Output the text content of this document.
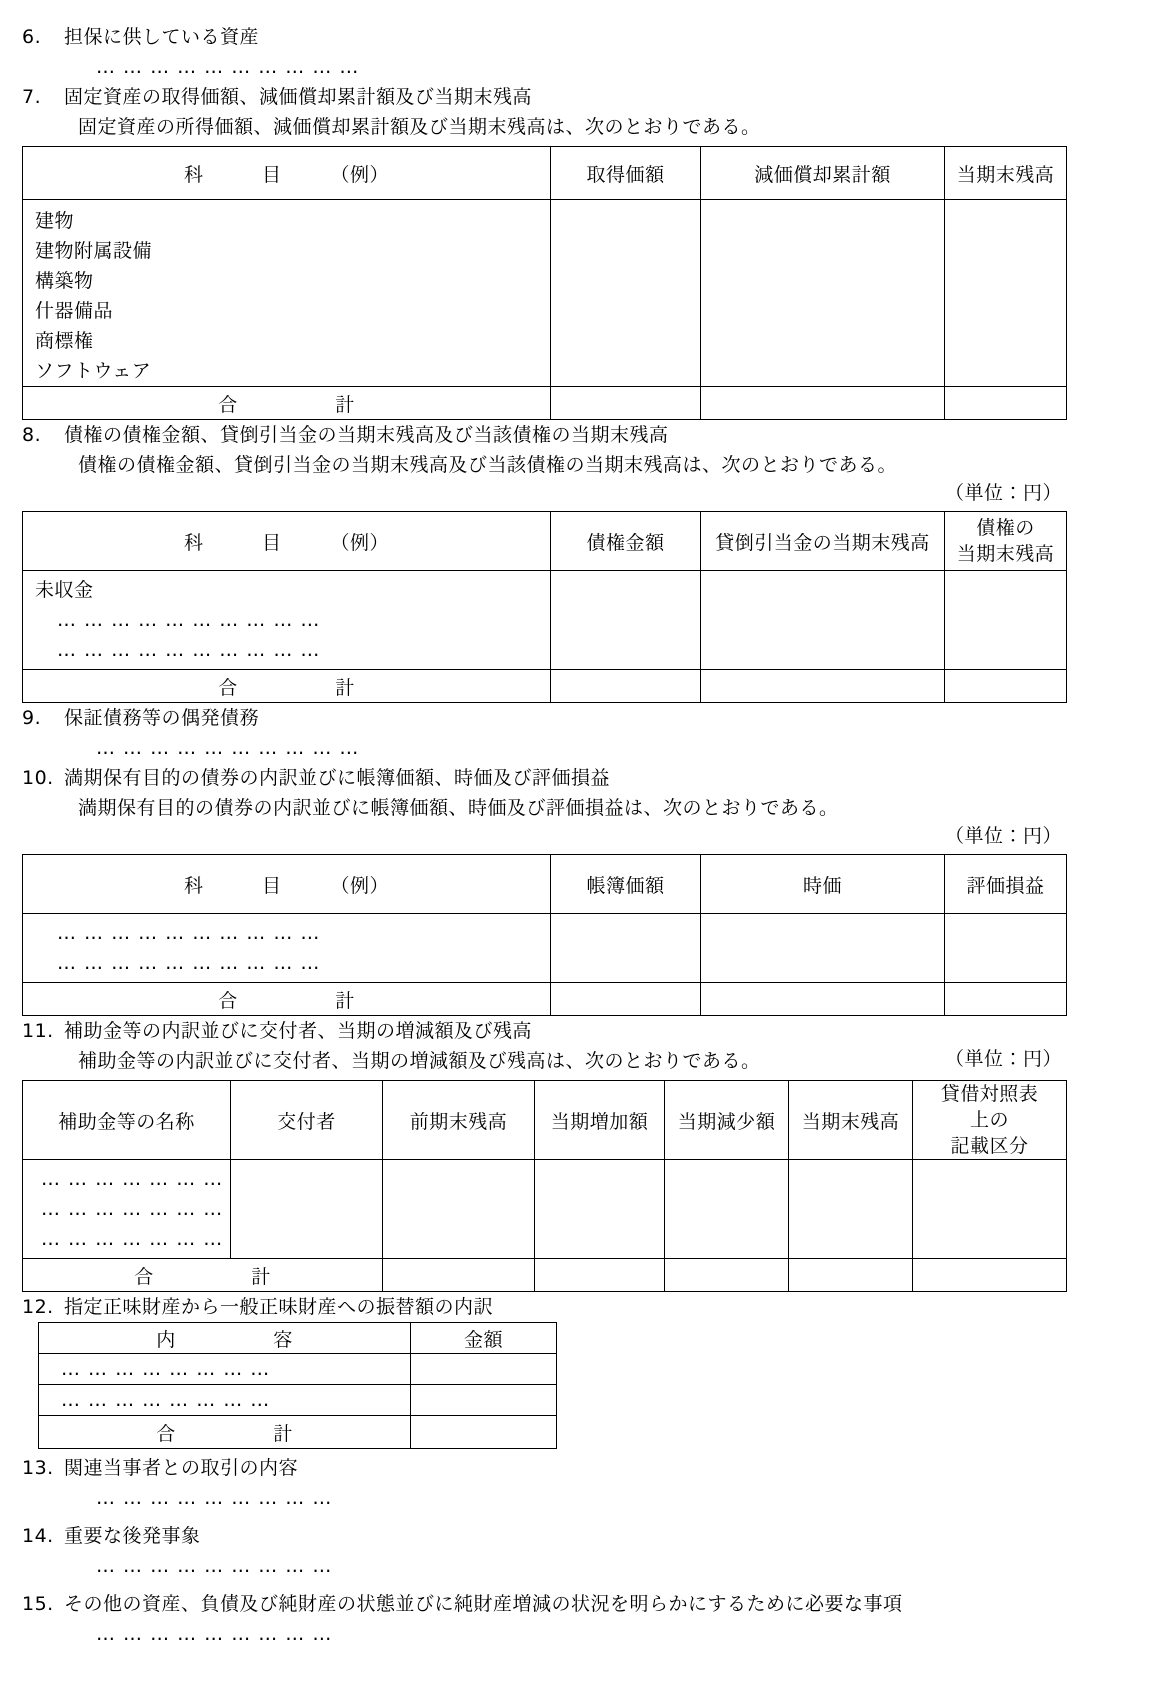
6.	担保に供している資産
… … … … … … … … … …
7.	固定資産の取得価額、減価償却累計額及び当期末残高
固定資産の所得価額、減価償却累計額及び当期末残高は、次のとおりである。
科　　　目　　　（例）	取得価額	減価償却累計額	当期末残高

建物
建物附属設備
構築物
什器備品
商標権
ソフトウェア

合　　　　　計			
8.	債権の債権金額、貸倒引当金の当期末残高及び当該債権の当期末残高
債権の債権金額、貸倒引当金の当期末残高及び当該債権の当期末残高は、次のとおりである。
（単位：円）
科　　　目　　　（例）	債権金額	貸倒引当金の当期末残高	債権の
当期末残高

未収金
… … … … … … … … … …
… … … … … … … … … …			

合　　　　　計			
9.	保証債務等の偶発債務
… … … … … … … … … …
10. 満期保有目的の債券の内訳並びに帳簿価額、時価及び評価損益
満期保有目的の債券の内訳並びに帳簿価額、時価及び評価損益は、次のとおりである。
（単位：円）
科　　　目　　　（例）	帳簿価額	時価	評価損益

… … … … … … … … … …
… … … … … … … … … …			

合　　　　　計			
11. 補助金等の内訳並びに交付者、当期の増減額及び残高
補助金等の内訳並びに交付者、当期の増減額及び残高は、次のとおりである。	（単位：円）
補助金等の名称	交付者	前期末残高	当期増加額	当期減少額	当期末残高	貸借対照表
上の
記載区分

… … … … … … …
… … … … … … …
… … … … … … …						

合　　　　　計						
12. 指定正味財産から一般正味財産への振替額の内訳
内　　　　　容	金額

… … … … … … … …	

… … … … … … … …	

合　　　　　計	
13. 関連当事者との取引の内容
… … … … … … … … …
14. 重要な後発事象
… … … … … … … … …
15. その他の資産、負債及び純財産の状態並びに純財産増減の状況を明らかにするために必要な事項
… … … … … … … … …
